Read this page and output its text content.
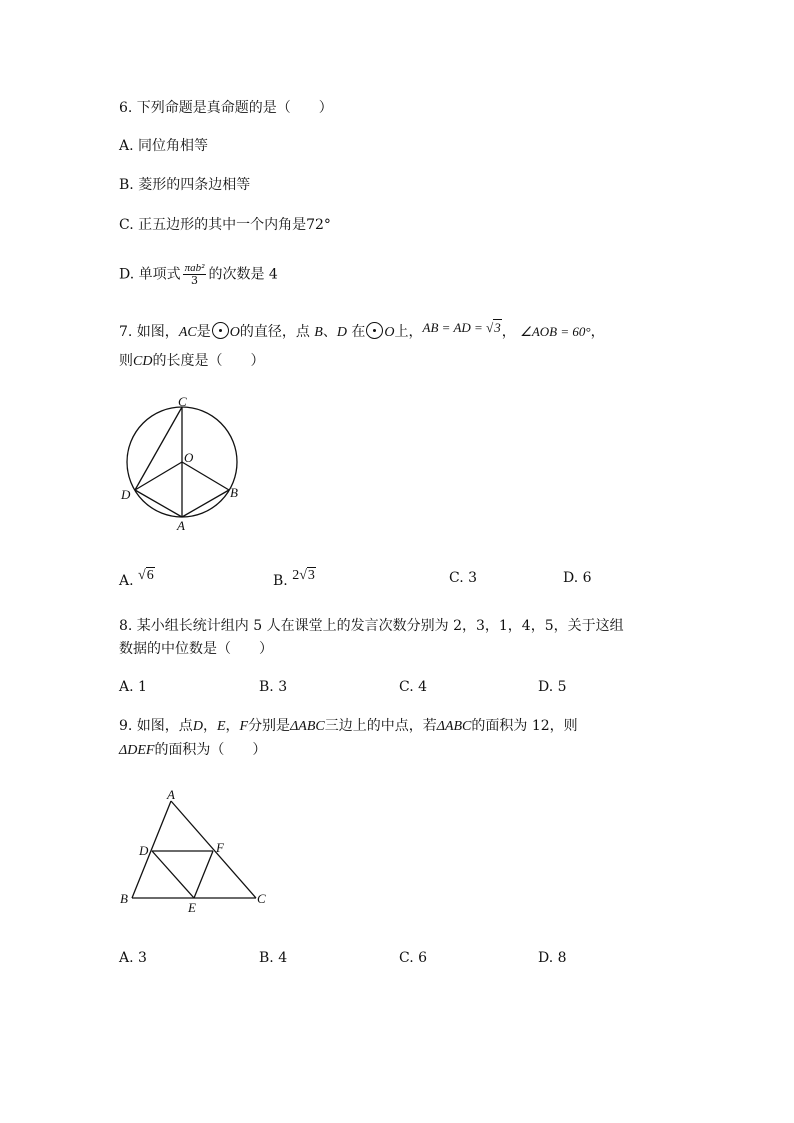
6. 下列命题是真命题的是（　　）
A. 同位角相等
B. 菱形的四条边相等
C. 正五边形的其中一个内角是72°
D. 单项式 $\frac{\text{πab²}}{3}$ 的次数是 4
7. 如图，AC是 O的直径，点 B、D 在 O上，AB = AD = √3， ∠AOB = 60°，
则CD的长度是（　　）
C
O
D	B
A
A. √6	B. 2√3	C. 3	D. 6
8. 某小组长统计组内 5 人在课堂上的发言次数分别为 2，3，1，4，5，关于这组
数据的中位数是（　　）
A. 1	B. 3	C. 4	D. 5
9. 如图，点D，E，F分别是ΔABC三边上的中点，若ΔABC的面积为 12，则
ΔDEF的面积为（　　）
A
D	F
B
E
C
A. 3	B. 4	C. 6	D. 8
